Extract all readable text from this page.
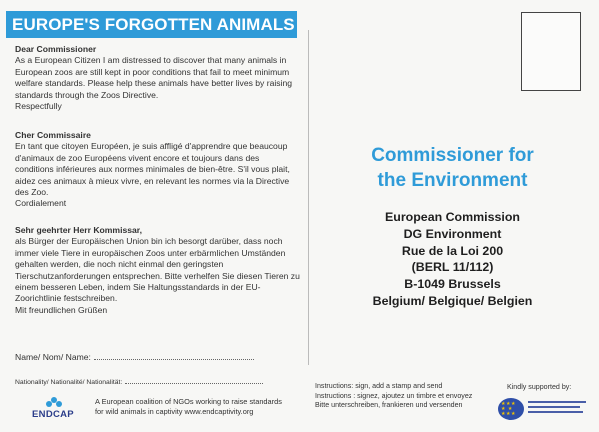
EUROPE'S FORGOTTEN ANIMALS
Dear Commissioner
As a European Citizen I am distressed to discover that many animals in European zoos are still kept in poor conditions that fail to meet minimum welfare standards. Please help these animals have better lives by raising standards through the Zoos Directive.
Respectfully
Cher Commissaire
En tant que citoyen Européen, je suis affligé d'apprendre que beaucoup d'animaux de zoo Européens vivent encore et toujours dans des conditions inférieures aux normes minimales de bien-être. S'il vous plait, aidez ces animaux à mieux vivre, en relevant les normes via la Directive des Zoo.
Cordialement
Sehr geehrter Herr Kommissar,
als Bürger der Europäischen Union bin ich besorgt darüber, dass noch immer viele Tiere in europäischen Zoos unter erbärmlichen Umständen gehalten werden, die noch nicht einmal den geringsten Tierschutzanforderungen entsprechen. Bitte verhelfen Sie diesen Tieren zu einem besseren Leben, indem Sie Haltungsstandards in der EU-Zoorichtlinie festschreiben.
Mit freundlichen Grüßen
Name/ Nom/ Name:
Nationality/ Nationalité/ Nationalität:
ENDCAP
A European coalition of NGOs working to raise standards
for wild animals in captivity www.endcaptivity.org
Commissioner for
the Environment
European Commission
DG Environment
Rue de la Loi 200
(BERL 11/112)
B-1049 Brussels
Belgium/ Belgique/ Belgien
Instructions: sign, add a stamp and send
Instructions : signez, ajoutez un timbre et envoyez
Bitte unterschreiben, frankieren und versenden
Kindly supported by:
★★★
★ ★
★★★
